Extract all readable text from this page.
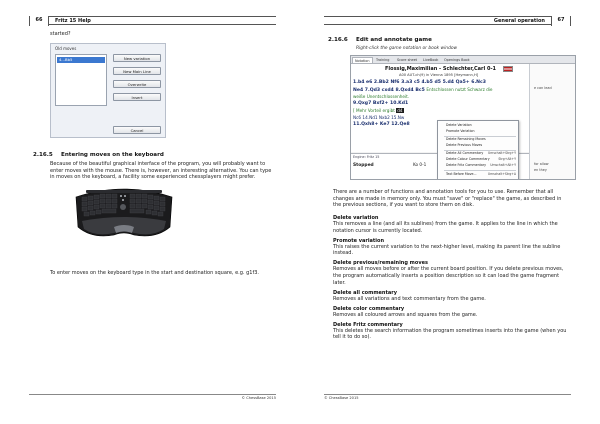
66	Fritz 15 Help
started?
Old moves
4...Bb5	New variation
New Main Line
Overwrite
Insert
Cancel
2.16.5 Entering moves on the keyboard
Because of the beautiful graphical interface of the program, you will probably want to enter moves with the mouse. There is, however, an interesting alternative. You can type in moves on the keyboard, a facility some experienced chessplayers might prefer.
To enter moves on the keyboard type in the start and destination square, e.g. g1f3.
© ChessBase 2015
General operation	67
2.16.6 Edit and annotate game
Right-click the game notation or book window
Notation	Training	Score sheet	LiveBook	Openings Book
Flossig,Maximilian - Schlechter,Carl 0-1
A00 AUT-ch(9) in Vienna 1895 [Heymann,H]
1.b4 e6 2.Bb2 Nf6 3.a3 c5 4.b5 d5 5.d4 Qa5+ 6.Nc3
Ne4 7.Qd3 cxd4 8.Qxd4 Bc5 Entschlossen nutzt Schwarz die
weiße Unentschlossenheit.
9.Qxg7 Bxf2+ 10.Kd1
[ Mehr Vorteil ergibt d4
Nc6 14.Nd1 Nxb2 15.Nw
11.Qxh8+ Ke7 12.Qe8
e can lead
for allow
en they
Engine: Fritz 15
Stopped	Ko 0-1
Delete Variation
Promote Variation
Delete Remaining Moves
Delete Previous Moves
Delete All Commentary Umschalt+Strg+Y
Delete Colour Commentary	Strg+Alt+Y
Delete Fritz Commentary Umschalt+Alt+Y
Text Before Move...	Umschalt+Strg+A
There are a number of functions and annotation tools for you to use. Remember that all changes are made in memory only. You must "save" or "replace" the game, as described in the previous sections, if you want to store them on disk.
Delete variation
This removes a line (and all its sublines) from the game. It applies to the line in which the notation cursor is currently located.
Promote variation
This raises the current variation to the next-higher level, making its parent line the subline instead.
Delete previous/remaining moves
Removes all moves before or after the current board position. If you delete previous moves, the program automatically inserts a position description so it can load the game fragment later.
Delete all commentary
Removes all variations and text commentary from the game.
Delete color commentary
Removes all coloured arrows and squares from the game.
Delete Fritz commentary
This deletes the search information the program sometimes inserts into the game (when you tell it to do so).
© ChessBase 2015
